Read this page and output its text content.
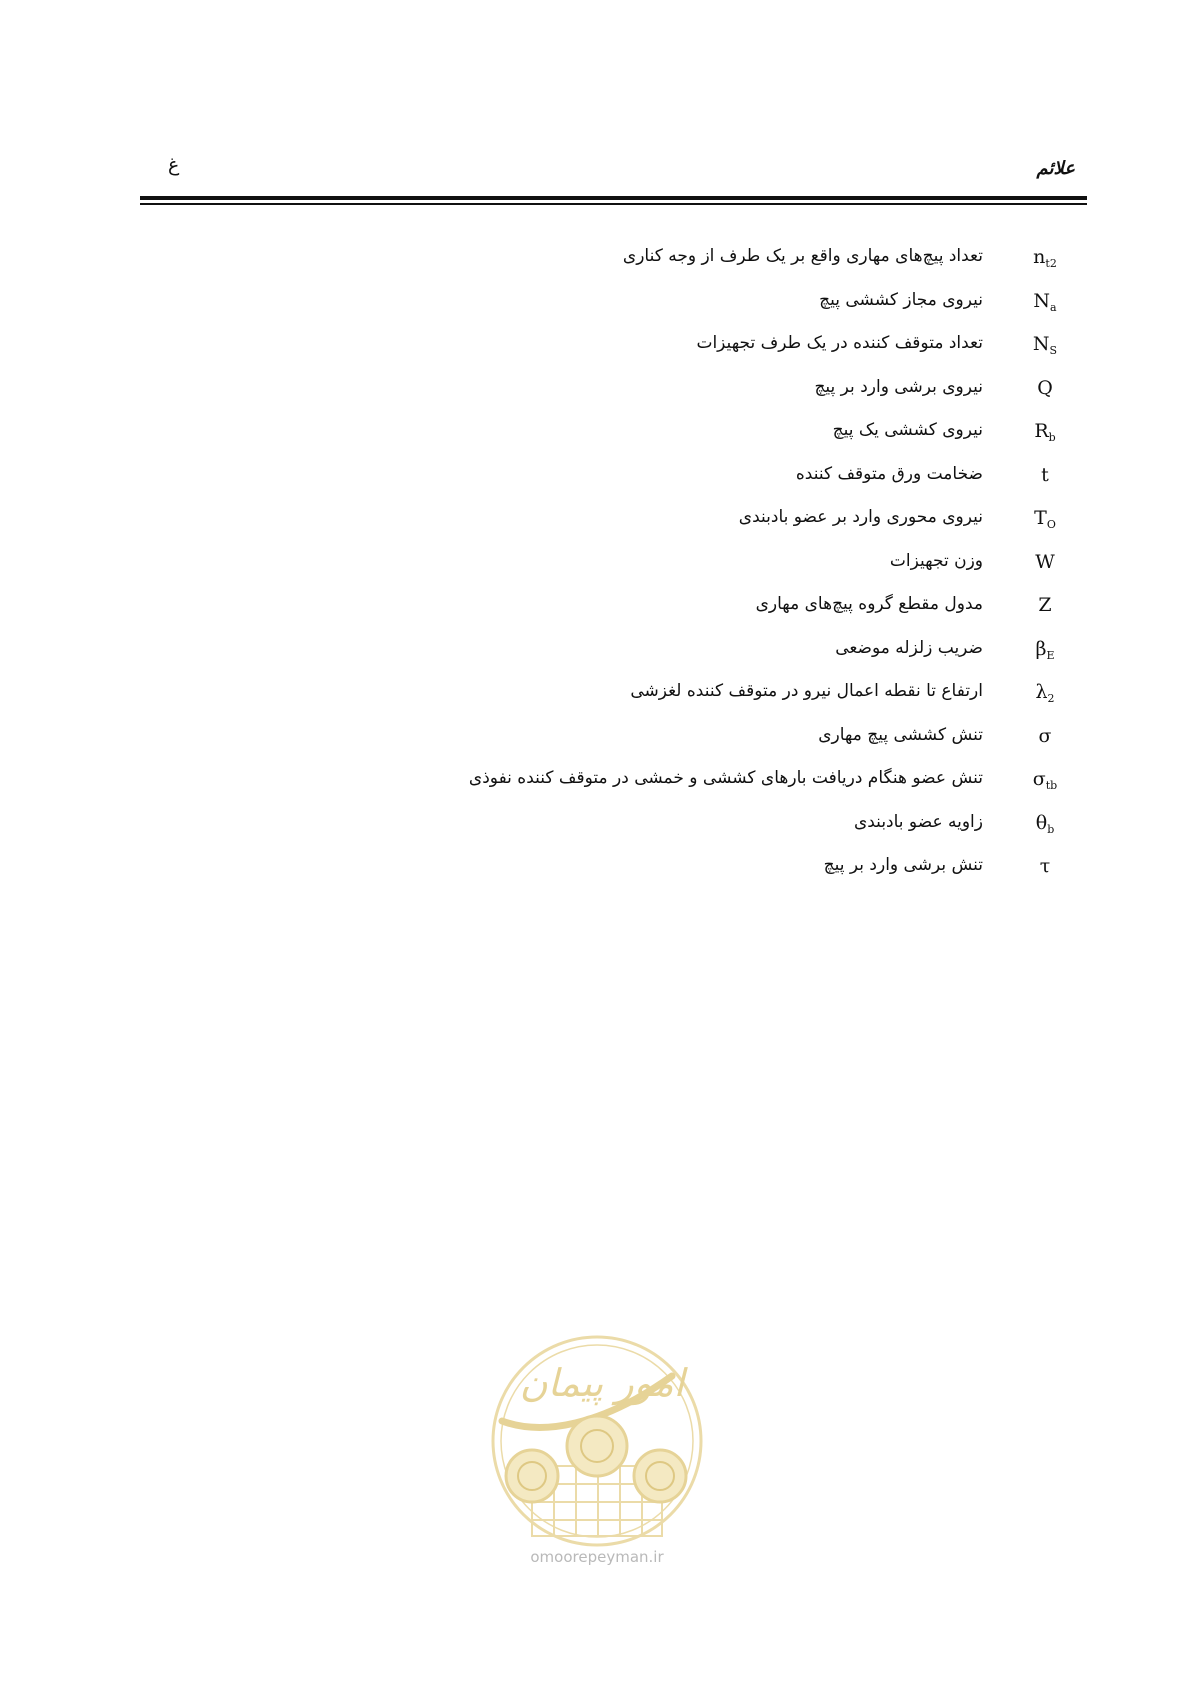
علائم
غ
تعداد پیچ‌های مهاری واقع بر یک طرف از وجه کناری	$n_{t2}$
نیروی مجاز کششی پیچ	$N_a$
تعداد متوقف کننده در یک طرف تجهیزات	$N_S$
نیروی برشی وارد بر پیچ	Q
نیروی کششی یک پیچ	$R_b$
ضخامت ورق متوقف کننده	t
نیروی محوری وارد بر عضو بادبندی	$T_O$
وزن تجهیزات	W
مدول مقطع گروه پیچ‌های مهاری	Z
ضریب زلزله موضعی	$\beta_E$
ارتفاع تا نقطه اعمال نیرو در متوقف کننده لغزشی	$\lambda_2$
تنش کششی پیچ مهاری	σ
تنش عضو هنگام دریافت بارهای کششی و خمشی در متوقف کننده نفوذی	$\sigma_{tb}$
زاویه عضو بادبندی	$\theta_b$
تنش برشی وارد بر پیچ	τ
امور پیمان
omoorepeyman.ir
